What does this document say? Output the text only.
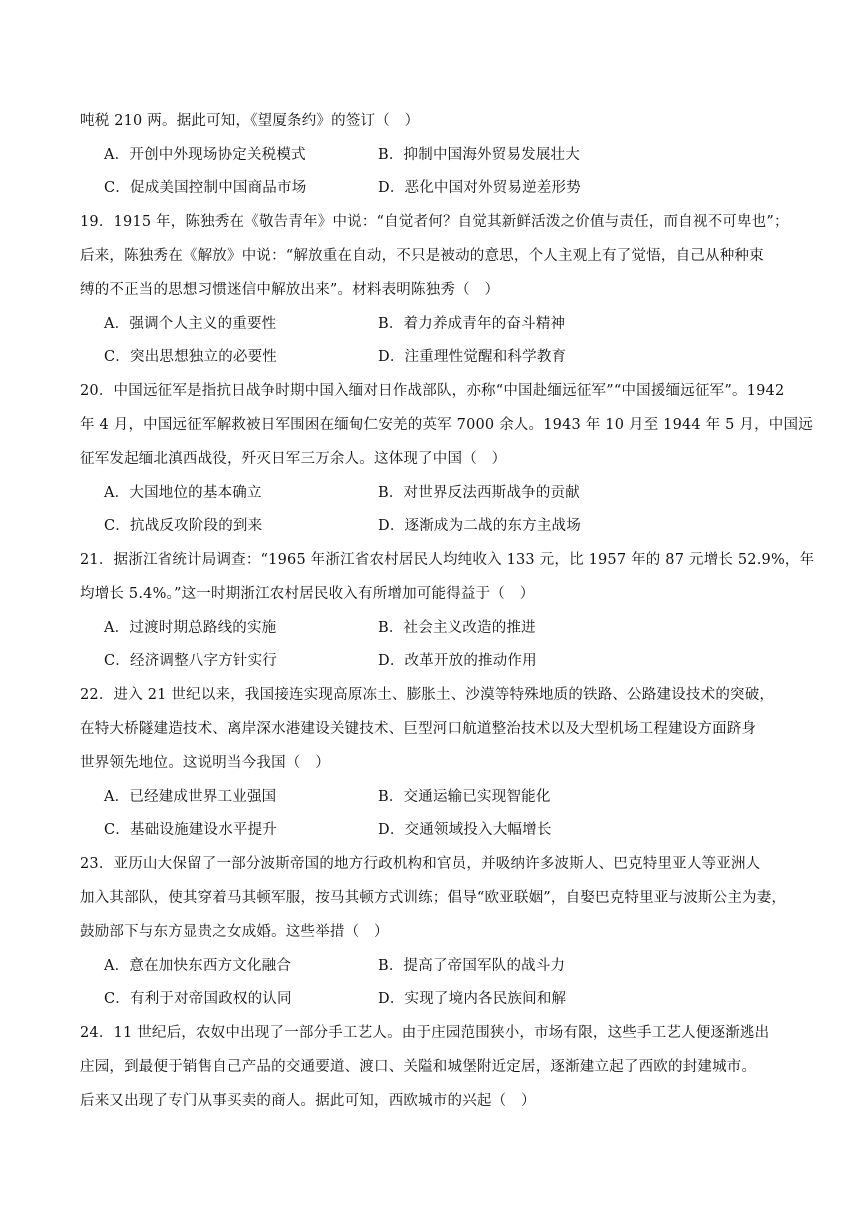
吨税 210 两。据此可知，《望厦条约》的签订（　）
A．开创中外现场协定关税模式	B．抑制中国海外贸易发展壮大
C．促成美国控制中国商品市场	D．恶化中国对外贸易逆差形势
19．1915 年，陈独秀在《敬告青年》中说：“自觉者何？自觉其新鲜活泼之价值与责任，而自视不可卑也”；
后来，陈独秀在《解放》中说：“解放重在自动，不只是被动的意思，个人主观上有了觉悟，自己从种种束
缚的不正当的思想习惯迷信中解放出来”。材料表明陈独秀（　）
A．强调个人主义的重要性	B．着力养成青年的奋斗精神
C．突出思想独立的必要性	D．注重理性觉醒和科学教育
20．中国远征军是指抗日战争时期中国入缅对日作战部队，亦称“中国赴缅远征军”“中国援缅远征军”。1942
年 4 月，中国远征军解救被日军围困在缅甸仁安羌的英军 7000 余人。1943 年 10 月至 1944 年 5 月，中国远
征军发起缅北滇西战役，歼灭日军三万余人。这体现了中国（　）
A．大国地位的基本确立	B．对世界反法西斯战争的贡献
C．抗战反攻阶段的到来	D．逐渐成为二战的东方主战场
21．据浙江省统计局调查：“1965 年浙江省农村居民人均纯收入 133 元，比 1957 年的 87 元增长 52.9%，年
均增长 5.4%。”这一时期浙江农村居民收入有所增加可能得益于（　）
A．过渡时期总路线的实施	B．社会主义改造的推进
C．经济调整八字方针实行	D．改革开放的推动作用
22．进入 21 世纪以来，我国接连实现高原冻土、膨胀土、沙漠等特殊地质的铁路、公路建设技术的突破，
在特大桥隧建造技术、离岸深水港建设关键技术、巨型河口航道整治技术以及大型机场工程建设方面跻身
世界领先地位。这说明当今我国（　）
A．已经建成世界工业强国	B．交通运输已实现智能化
C．基础设施建设水平提升	D．交通领域投入大幅增长
23．亚历山大保留了一部分波斯帝国的地方行政机构和官员，并吸纳许多波斯人、巴克特里亚人等亚洲人
加入其部队，使其穿着马其顿军服，按马其顿方式训练；倡导“欧亚联姻”，自娶巴克特里亚与波斯公主为妻，
鼓励部下与东方显贵之女成婚。这些举措（　）
A．意在加快东西方文化融合	B．提高了帝国军队的战斗力
C．有利于对帝国政权的认同	D．实现了境内各民族间和解
24．11 世纪后，农奴中出现了一部分手工艺人。由于庄园范围狭小，市场有限，这些手工艺人便逐渐逃出
庄园，到最便于销售自己产品的交通要道、渡口、关隘和城堡附近定居，逐渐建立起了西欧的封建城市。
后来又出现了专门从事买卖的商人。据此可知，西欧城市的兴起（　）
